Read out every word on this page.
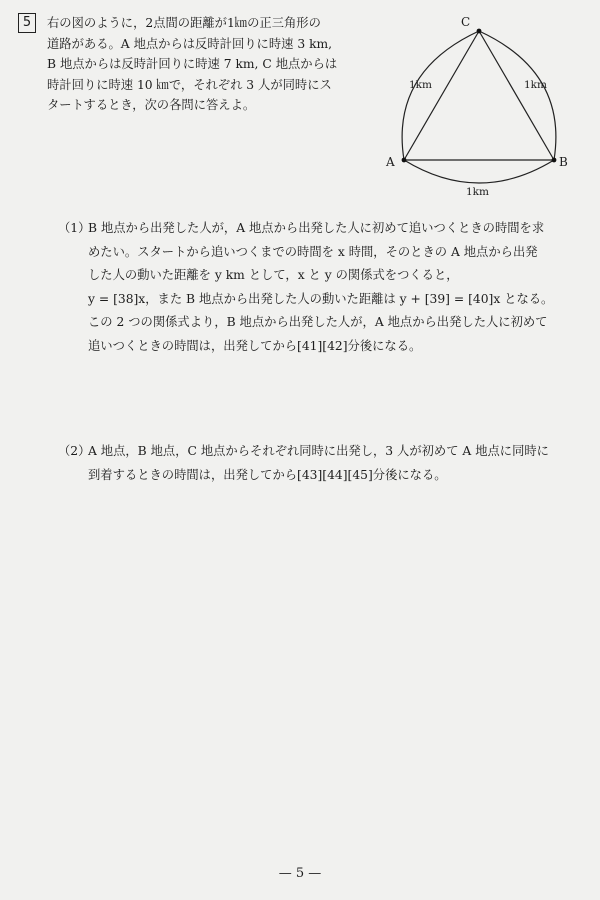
5	右の図のように，2点間の距離が1㎞の正三角形の
道路がある。A 地点からは反時計回りに時速 3 km,
B 地点からは反時計回りに時速 7 km, C 地点からは
時計回りに時速 10 ㎞で，それぞれ 3 人が同時にス
タートするとき，次の各問に答えよ。
A	B
C
1km	1km
1km
（1）B 地点から出発した人が，A 地点から出発した人に初めて追いつくときの時間を求
めたい。スタートから追いつくまでの時間を x 時間，そのときの A 地点から出発
した人の動いた距離を y km として，x と y の関係式をつくると，
y = [38]x，また B 地点から出発した人の動いた距離は y + [39] = [40]x となる。
この 2 つの関係式より，B 地点から出発した人が，A 地点から出発した人に初めて
追いつくときの時間は，出発してから[41][42]分後になる。
（2）A 地点，B 地点，C 地点からそれぞれ同時に出発し，3 人が初めて A 地点に同時に
到着するときの時間は，出発してから[43][44][45]分後になる。
— 5 —
